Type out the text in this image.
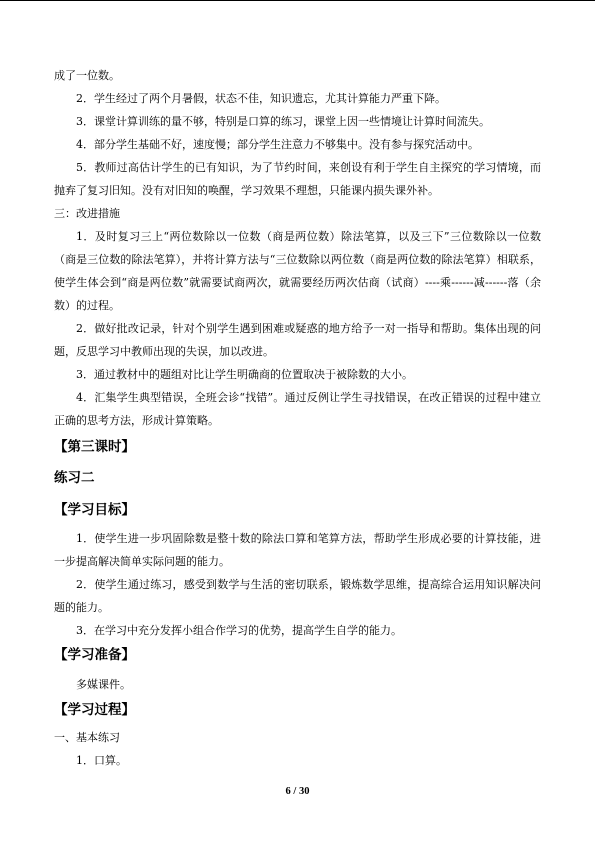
成了一位数。

2．学生经过了两个月暑假，状态不佳，知识遗忘，尤其计算能力严重下降。

3．课堂计算训练的量不够，特别是口算的练习，课堂上因一些情境让计算时间流失。

4．部分学生基础不好，速度慢；部分学生注意力不够集中。没有参与探究活动中。

5．教师过高估计学生的已有知识，为了节约时间，来创设有利于学生自主探究的学习情境，而抛弃了复习旧知。没有对旧知的唤醒，学习效果不理想，只能课内损失课外补。

三：改进措施

1．及时复习三上“两位数除以一位数（商是两位数）除法笔算，以及三下”三位数除以一位数（商是三位数的除法笔算），并将计算方法与“三位数除以两位数（商是两位数的除法笔算）相联系，使学生体会到“商是两位数”就需要试商两次，就需要经历两次估商（试商）----乘------减------落（余数）的过程。

2．做好批改记录，针对个别学生遇到困难或疑惑的地方给予一对一指导和帮助。集体出现的问题，反思学习中教师出现的失误，加以改进。

3．通过教材中的题组对比让学生明确商的位置取决于被除数的大小。

4．汇集学生典型错误，全班会诊“找错”。通过反例让学生寻找错误，在改正错误的过程中建立正确的思考方法，形成计算策略。

【第三课时】

练习二

【学习目标】

1．使学生进一步巩固除数是整十数的除法口算和笔算方法，帮助学生形成必要的计算技能，进一步提高解决简单实际问题的能力。

2．使学生通过练习，感受到数学与生活的密切联系，锻炼数学思维，提高综合运用知识解决问题的能力。

3．在学习中充分发挥小组合作学习的优势，提高学生自学的能力。

【学习准备】

多媒课件。

【学习过程】

一、基本练习

1．口算。

6 / 30
